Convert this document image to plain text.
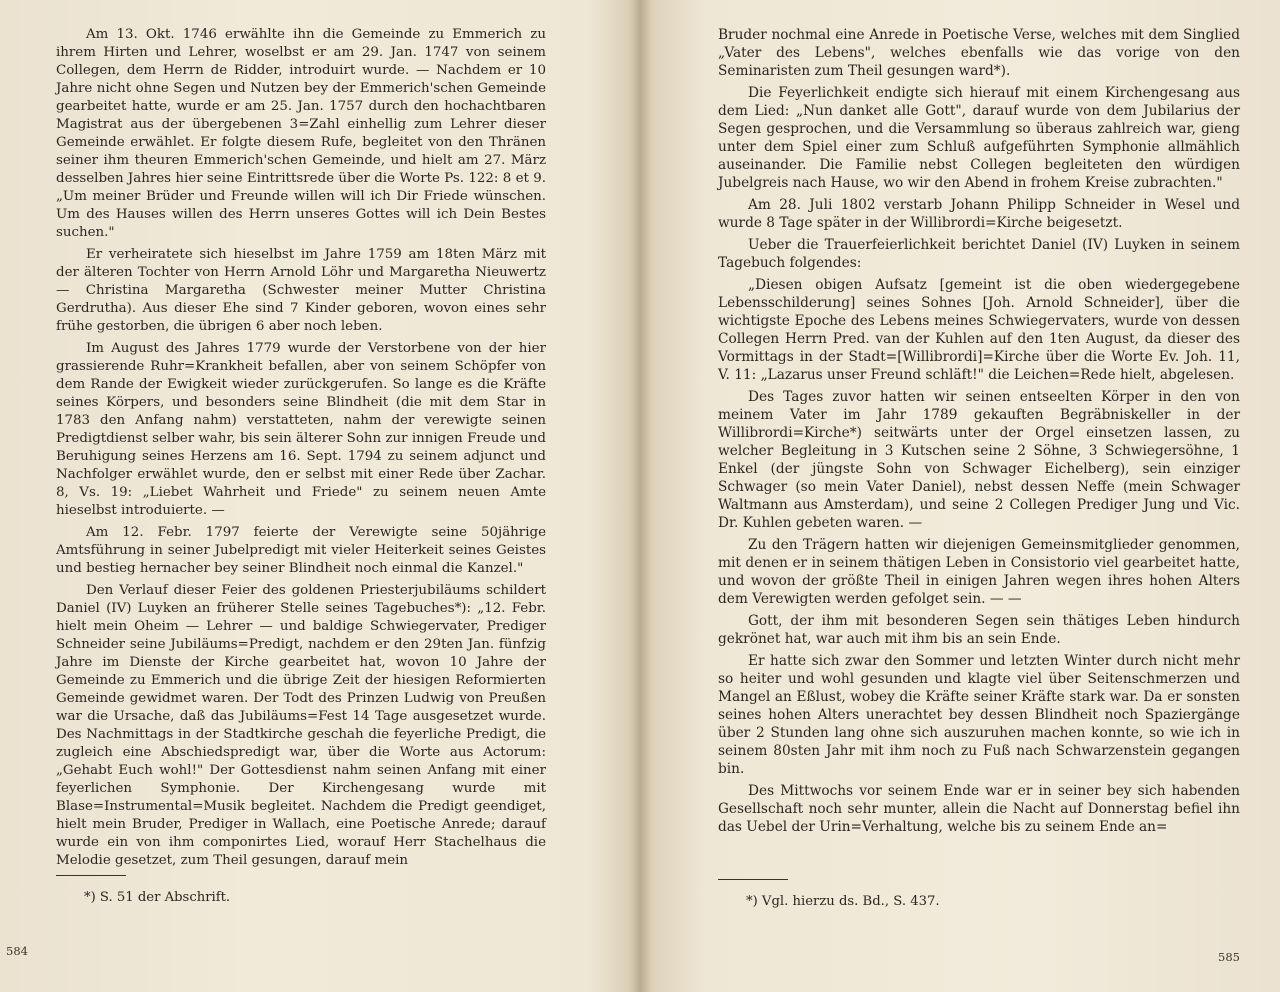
Am 13. Okt. 1746 erwählte ihn die Gemeinde zu Emmerich zu ihrem Hirten und Lehrer, woselbst er am 29. Jan. 1747 von seinem Collegen, dem Herrn de Ridder, introduirt wurde. — Nachdem er 10 Jahre nicht ohne Segen und Nutzen bey der Emmerich'schen Gemeinde gearbeitet hatte, wurde er am 25. Jan. 1757 durch den hochachtbaren Magistrat aus der übergebenen 3=Zahl einhellig zum Lehrer dieser Gemeinde erwählet. Er folgte diesem Rufe, begleitet von den Thränen seiner ihm theuren Emmerich'schen Gemeinde, und hielt am 27. März desselben Jahres hier seine Eintrittsrede über die Worte Ps. 122: 8 et 9. „Um meiner Brüder und Freunde willen will ich Dir Friede wünschen. Um des Hauses willen des Herrn unseres Gottes will ich Dein Bestes suchen."

Er verheiratete sich hieselbst im Jahre 1759 am 18ten März mit der älteren Tochter von Herrn Arnold Löhr und Margaretha Nieuwertz — Christina Margaretha (Schwester meiner Mutter Christina Gerdrutha). Aus dieser Ehe sind 7 Kinder geboren, wovon eines sehr frühe gestorben, die übrigen 6 aber noch leben.

Im August des Jahres 1779 wurde der Verstorbene von der hier grassierende Ruhr=Krankheit befallen, aber von seinem Schöpfer von dem Rande der Ewigkeit wieder zurückgerufen. So lange es die Kräfte seines Körpers, und besonders seine Blindheit (die mit dem Star in 1783 den Anfang nahm) verstatteten, nahm der verewigte seinen Predigtdienst selber wahr, bis sein älterer Sohn zur innigen Freude und Beruhigung seines Herzens am 16. Sept. 1794 zu seinem adjunct und Nachfolger erwählet wurde, den er selbst mit einer Rede über Zachar. 8, Vs. 19: „Liebet Wahrheit und Friede" zu seinem neuen Amte hieselbst introduierte. —

Am 12. Febr. 1797 feierte der Verewigte seine 50jährige Amtsführung in seiner Jubelpredigt mit vieler Heiterkeit seines Geistes und bestieg hernacher bey seiner Blindheit noch einmal die Kanzel."

Den Verlauf dieser Feier des goldenen Priesterjubiläums schildert Daniel (IV) Luyken an früherer Stelle seines Tagebuches*): „12. Febr. hielt mein Oheim — Lehrer — und baldige Schwiegervater, Prediger Schneider seine Jubiläums=Predigt, nachdem er den 29ten Jan. fünfzig Jahre im Dienste der Kirche gearbeitet hat, wovon 10 Jahre der Gemeinde zu Emmerich und die übrige Zeit der hiesigen Reformierten Gemeinde gewidmet waren. Der Todt des Prinzen Ludwig von Preußen war die Ursache, daß das Jubiläums=Fest 14 Tage ausgesetzet wurde. Des Nachmittags in der Stadtkirche geschah die feyerliche Predigt, die zugleich eine Abschiedspredigt war, über die Worte aus Actorum: „Gehabt Euch wohl!" Der Gottesdienst nahm seinen Anfang mit einer feyerlichen Symphonie. Der Kirchengesang wurde mit Blase=Instrumental=Musik begleitet. Nachdem die Predigt geendiget, hielt mein Bruder, Prediger in Wallach, eine Poetische Anrede; darauf wurde ein von ihm componirtes Lied, worauf Herr Stachelhaus die Melodie gesetzet, zum Theil gesungen, darauf mein

*) S. 51 der Abschrift.
584

Bruder nochmal eine Anrede in Poetische Verse, welches mit dem Singlied „Vater des Lebens", welches ebenfalls wie das vorige von den Seminaristen zum Theil gesungen ward*).

Die Feyerlichkeit endigte sich hierauf mit einem Kirchengesang aus dem Lied: „Nun danket alle Gott", darauf wurde von dem Jubilarius der Segen gesprochen, und die Versammlung so überaus zahlreich war, gieng unter dem Spiel einer zum Schluß aufgeführten Symphonie allmählich auseinander. Die Familie nebst Collegen begleiteten den würdigen Jubelgreis nach Hause, wo wir den Abend in frohem Kreise zubrachten."

Am 28. Juli 1802 verstarb Johann Philipp Schneider in Wesel und wurde 8 Tage später in der Willibrordi=Kirche beigesetzt.

Ueber die Trauerfeierlichkeit berichtet Daniel (IV) Luyken in seinem Tagebuch folgendes:

„Diesen obigen Aufsatz [gemeint ist die oben wiedergegebene Lebensschilderung] seines Sohnes [Joh. Arnold Schneider], über die wichtigste Epoche des Lebens meines Schwiegervaters, wurde von dessen Collegen Herrn Pred. van der Kuhlen auf den 1ten August, da dieser des Vormittags in der Stadt=[Willibrordi]=Kirche über die Worte Ev. Joh. 11, V. 11: „Lazarus unser Freund schläft!" die Leichen=Rede hielt, abgelesen.

Des Tages zuvor hatten wir seinen entseelten Körper in den von meinem Vater im Jahr 1789 gekauften Begräbniskeller in der Willibrordi=Kirche*) seitwärts unter der Orgel einsetzen lassen, zu welcher Begleitung in 3 Kutschen seine 2 Söhne, 3 Schwiegersöhne, 1 Enkel (der jüngste Sohn von Schwager Eichelberg), sein einziger Schwager (so mein Vater Daniel), nebst dessen Neffe (mein Schwager Waltmann aus Amsterdam), und seine 2 Collegen Prediger Jung und Vic. Dr. Kuhlen gebeten waren. —

Zu den Trägern hatten wir diejenigen Gemeinsmitglieder genommen, mit denen er in seinem thätigen Leben in Consistorio viel gearbeitet hatte, und wovon der größte Theil in einigen Jahren wegen ihres hohen Alters dem Verewigten werden gefolget sein. — —

Gott, der ihm mit besonderen Segen sein thätiges Leben hindurch gekrönet hat, war auch mit ihm bis an sein Ende.

Er hatte sich zwar den Sommer und letzten Winter durch nicht mehr so heiter und wohl gesunden und klagte viel über Seitenschmerzen und Mangel an Eßlust, wobey die Kräfte seiner Kräfte stark war. Da er sonsten seines hohen Alters unerachtet bey dessen Blindheit noch Spaziergänge über 2 Stunden lang ohne sich auszuruhen machen konnte, so wie ich in seinem 80sten Jahr mit ihm noch zu Fuß nach Schwarzenstein gegangen bin.

Des Mittwochs vor seinem Ende war er in seiner bey sich habenden Gesellschaft noch sehr munter, allein die Nacht auf Donnerstag befiel ihn das Uebel der Urin=Verhaltung, welche bis zu seinem Ende an=

*) Vgl. hierzu ds. Bd., S. 437.
585
